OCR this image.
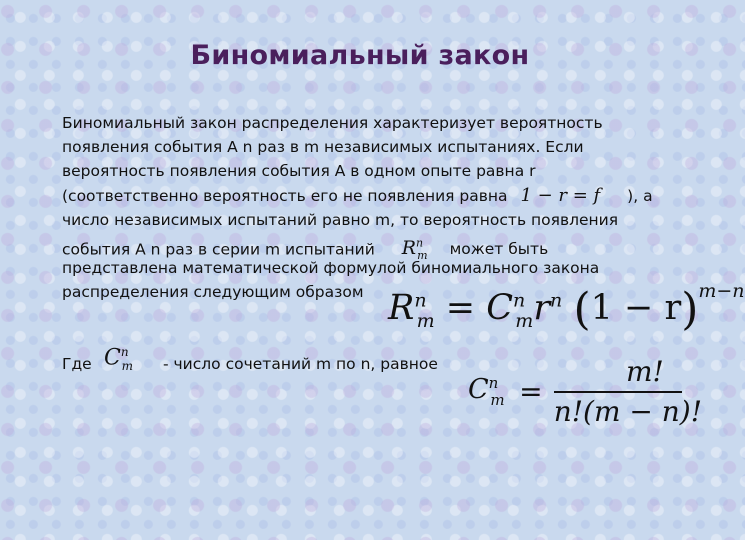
Биномиальный закон
Биномиальный закон распределения характеризует вероятность
появления события А n раз в m независимых испытаниях. Если
вероятность появления события А в одном опыте равна r
(соответственно вероятность его не появления равна 1 − r = f ), а
число независимых испытаний равно m, то вероятность появления
события А n раз в серии m испытаний $R^n_m$ может быть
представлена математической формулой биномиального закона
распределения следующим образом $R^n_m = C^n_mr^n$ $(1 - r)^{m-n}$
Где $C^n_m$ - число сочетаний m по n, равное
$C^n_m = \frac{m!}{n!(m - n)!}$
